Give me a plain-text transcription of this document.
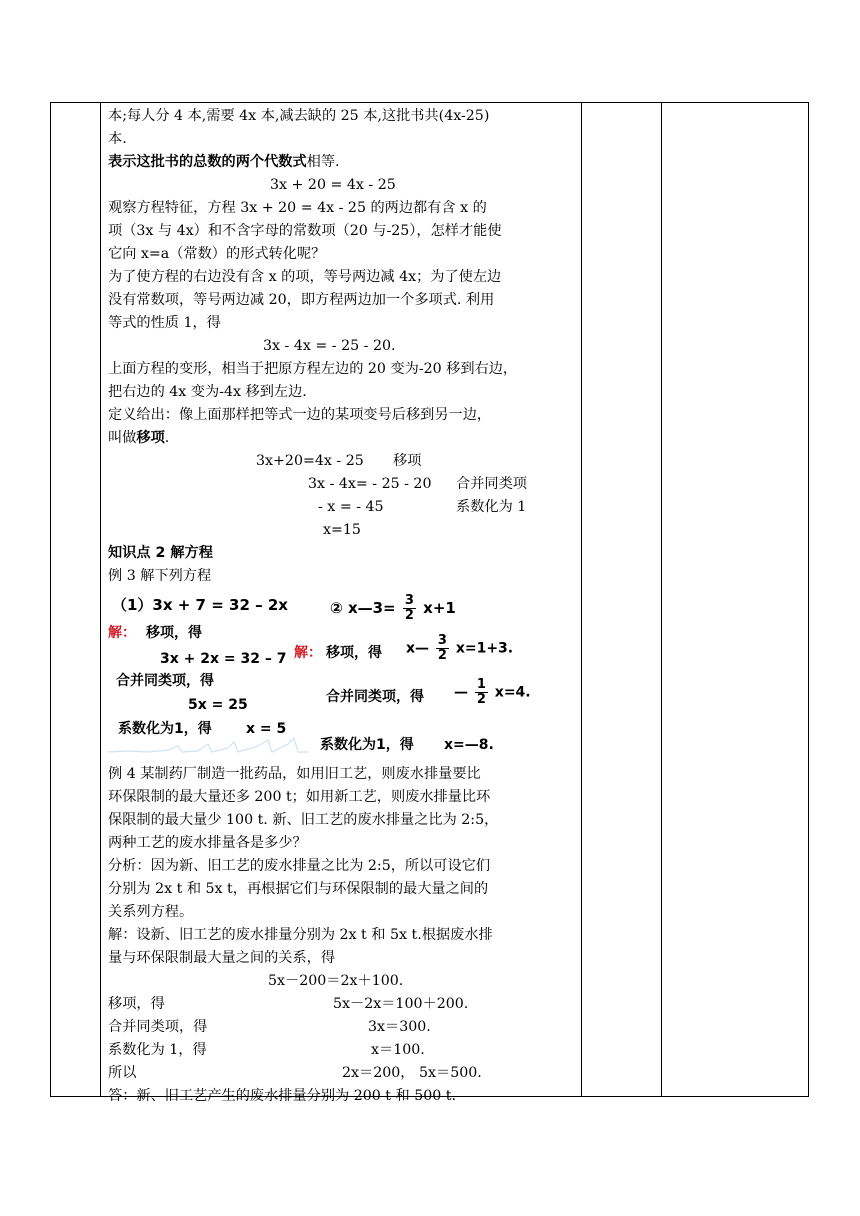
本;每人分 4 本,需要 4x 本,减去缺的 25 本,这批书共(4x-25)
本.
表示这批书的总数的两个代数式相等.
3x + 20 = 4x - 25
观察方程特征，方程 3x + 20 = 4x - 25 的两边都有含 x 的
项（3x 与 4x）和不含字母的常数项（20 与-25），怎样才能使
它向 x=a（常数）的形式转化呢？
为了使方程的右边没有含 x 的项，等号两边减 4x；为了使左边
没有常数项，等号两边减 20，即方程两边加一个多项式. 利用
等式的性质 1，得
3x - 4x = - 25 - 20.
上面方程的变形，相当于把原方程左边的 20 变为-20 移到右边，
把右边的 4x 变为-4x 移到左边.
定义给出：像上面那样把等式一边的某项变号后移到另一边，
叫做移项.
3x+20=4x - 25 移项
3x - 4x= - 25 - 20 合并同类项
- x = - 45	系数化为 1
x=15
知识点 2 解方程
例 3 解下列方程
（1）3x + 7 = 32 – 2x
解： 移项，得
3x + 2x = 32 – 7
合并同类项，得
5x = 25
系数化为1，得 x = 5
② x—3= $\frac{3}{2} x+1$
解： 移项，得 x— $\frac{3}{2} x=1+3$.
合并同类项，得 — $\frac{1}{2} x=4$.
系数化为1，得 x=—8.
例 4 某制药厂制造一批药品，如用旧工艺，则废水排量要比
环保限制的最大量还多 200 t；如用新工艺，则废水排量比环
保限制的最大量少 100 t. 新、旧工艺的废水排量之比为 2:5，
两种工艺的废水排量各是多少？
分析：因为新、旧工艺的废水排量之比为 2:5，所以可设它们
分别为 2x t 和 5x t，再根据它们与环保限制的最大量之间的
关系列方程。
解：设新、旧工艺的废水排量分别为 2x t 和 5x t.根据废水排
量与环保限制最大量之间的关系，得
5x－200＝2x＋100.
移项，得	5x－2x＝100＋200.
合并同类项，得	3x＝300.
系数化为 1，得	x＝100.
所以	2x＝200， 5x＝500.
答：新、旧工艺产生的废水排量分别为 200 t 和 500 t.
